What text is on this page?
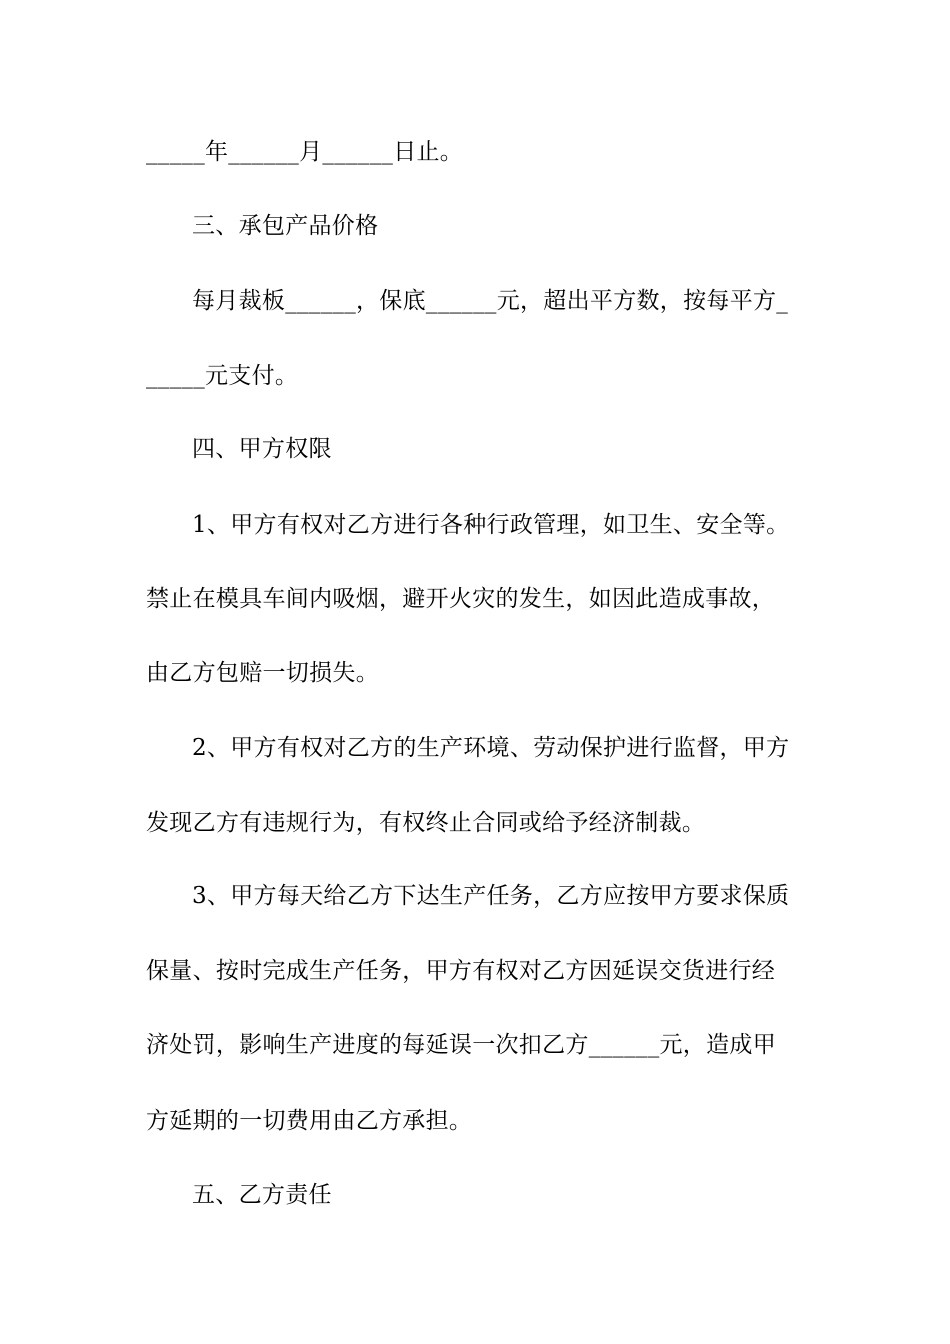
_____年______月______日止。
三、承包产品价格
每月裁板______，保底______元，超出平方数，按每平方_
_____元支付。
四、甲方权限
1、甲方有权对乙方进行各种行政管理，如卫生、安全等。
禁止在模具车间内吸烟，避开火灾的发生，如因此造成事故，
由乙方包赔一切损失。
2、甲方有权对乙方的生产环境、劳动保护进行监督，甲方
发现乙方有违规行为，有权终止合同或给予经济制裁。
3、甲方每天给乙方下达生产任务，乙方应按甲方要求保质
保量、按时完成生产任务，甲方有权对乙方因延误交货进行经
济处罚，影响生产进度的每延误一次扣乙方______元，造成甲
方延期的一切费用由乙方承担。
五、乙方责任
